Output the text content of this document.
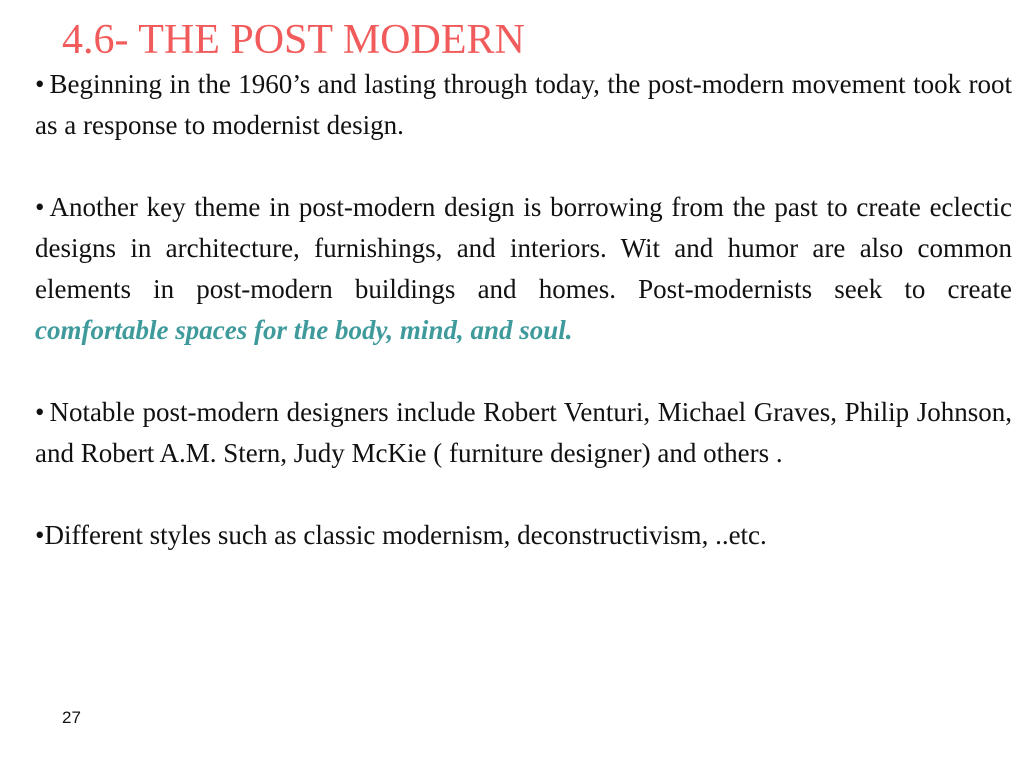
4.6- THE POST MODERN

• Beginning in the 1960’s and lasting through today, the post-modern movement took root as a response to modernist design.

• Another key theme in post-modern design is borrowing from the past to create eclectic designs in architecture, furnishings, and interiors. Wit and humor are also common elements in post-modern buildings and homes. Post-modernists seek to create comfortable spaces for the body, mind, and soul.

• Notable post-modern designers include Robert Venturi, Michael Graves, Philip Johnson, and Robert A.M. Stern, Judy McKie ( furniture designer) and others .

•Different styles such as classic modernism, deconstructivism, ..etc.

27
